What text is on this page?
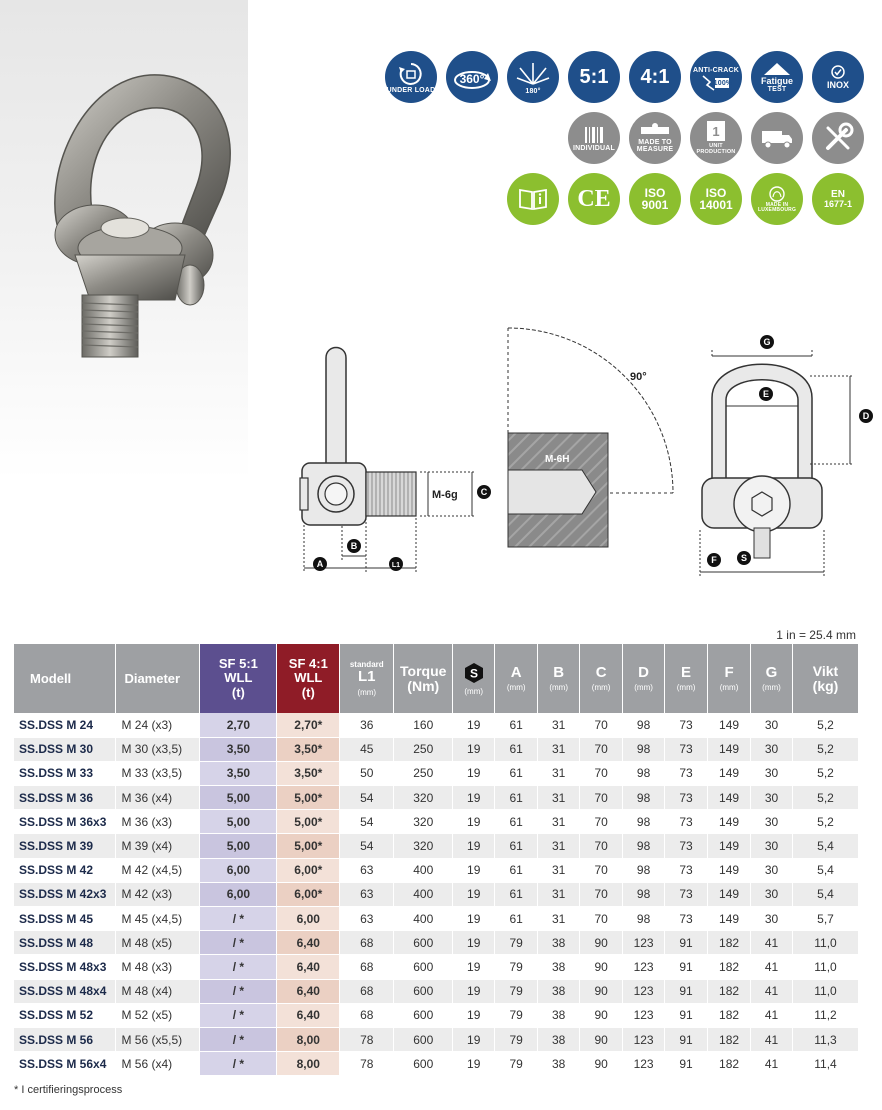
UNDER LOAD
360°
180°
5:1 4:1	ANTI-CRACK
100%	Fatigue
TEST	INOX
INDIVIDUAL
MADE TO
MEASURE
1
UNIT PRODUCTION
CE	ISO
9001
ISO
14001	MADE IN
LUXEMBOURG
EN
1677-1
M-6g
90°
M-6H
A
B
L1
C
G
E
D
F	S
1 in = 25.4 mm
Modell	Diameter	SF 5:1
WLL
(t)	SF 4:1
WLL
(t)	standard
L1
(mm)	Torque
(Nm)	S
(mm)	A
(mm)	B
(mm)	C
(mm)	D
(mm)	E
(mm)	F
(mm)	G
(mm)	Vikt
(kg)

SS.DSS M 24	M 24 (x3)	2,70	2,70*	36	160	19	61	31	70	98	73	149	30	5,2
SS.DSS M 30	M 30 (x3,5)	3,50	3,50*	45	250	19	61	31	70	98	73	149	30	5,2
SS.DSS M 33	M 33 (x3,5)	3,50	3,50*	50	250	19	61	31	70	98	73	149	30	5,2
SS.DSS M 36	M 36 (x4)	5,00	5,00*	54	320	19	61	31	70	98	73	149	30	5,2
SS.DSS M 36x3	M 36 (x3)	5,00	5,00*	54	320	19	61	31	70	98	73	149	30	5,2
SS.DSS M 39	M 39 (x4)	5,00	5,00*	54	320	19	61	31	70	98	73	149	30	5,4
SS.DSS M 42	M 42 (x4,5)	6,00	6,00*	63	400	19	61	31	70	98	73	149	30	5,4
SS.DSS M 42x3	M 42 (x3)	6,00	6,00*	63	400	19	61	31	70	98	73	149	30	5,4
SS.DSS M 45	M 45 (x4,5)	/ *	6,00	63	400	19	61	31	70	98	73	149	30	5,7
SS.DSS M 48	M 48 (x5)	/ *	6,40	68	600	19	79	38	90	123	91	182	41	11,0
SS.DSS M 48x3	M 48 (x3)	/ *	6,40	68	600	19	79	38	90	123	91	182	41	11,0
SS.DSS M 48x4	M 48 (x4)	/ *	6,40	68	600	19	79	38	90	123	91	182	41	11,0
SS.DSS M 52	M 52 (x5)	/ *	6,40	68	600	19	79	38	90	123	91	182	41	11,2
SS.DSS M 56	M 56 (x5,5)	/ *	8,00	78	600	19	79	38	90	123	91	182	41	11,3
SS.DSS M 56x4	M 56 (x4)	/ *	8,00	78	600	19	79	38	90	123	91	182	41	11,4
* I certifieringsprocess
